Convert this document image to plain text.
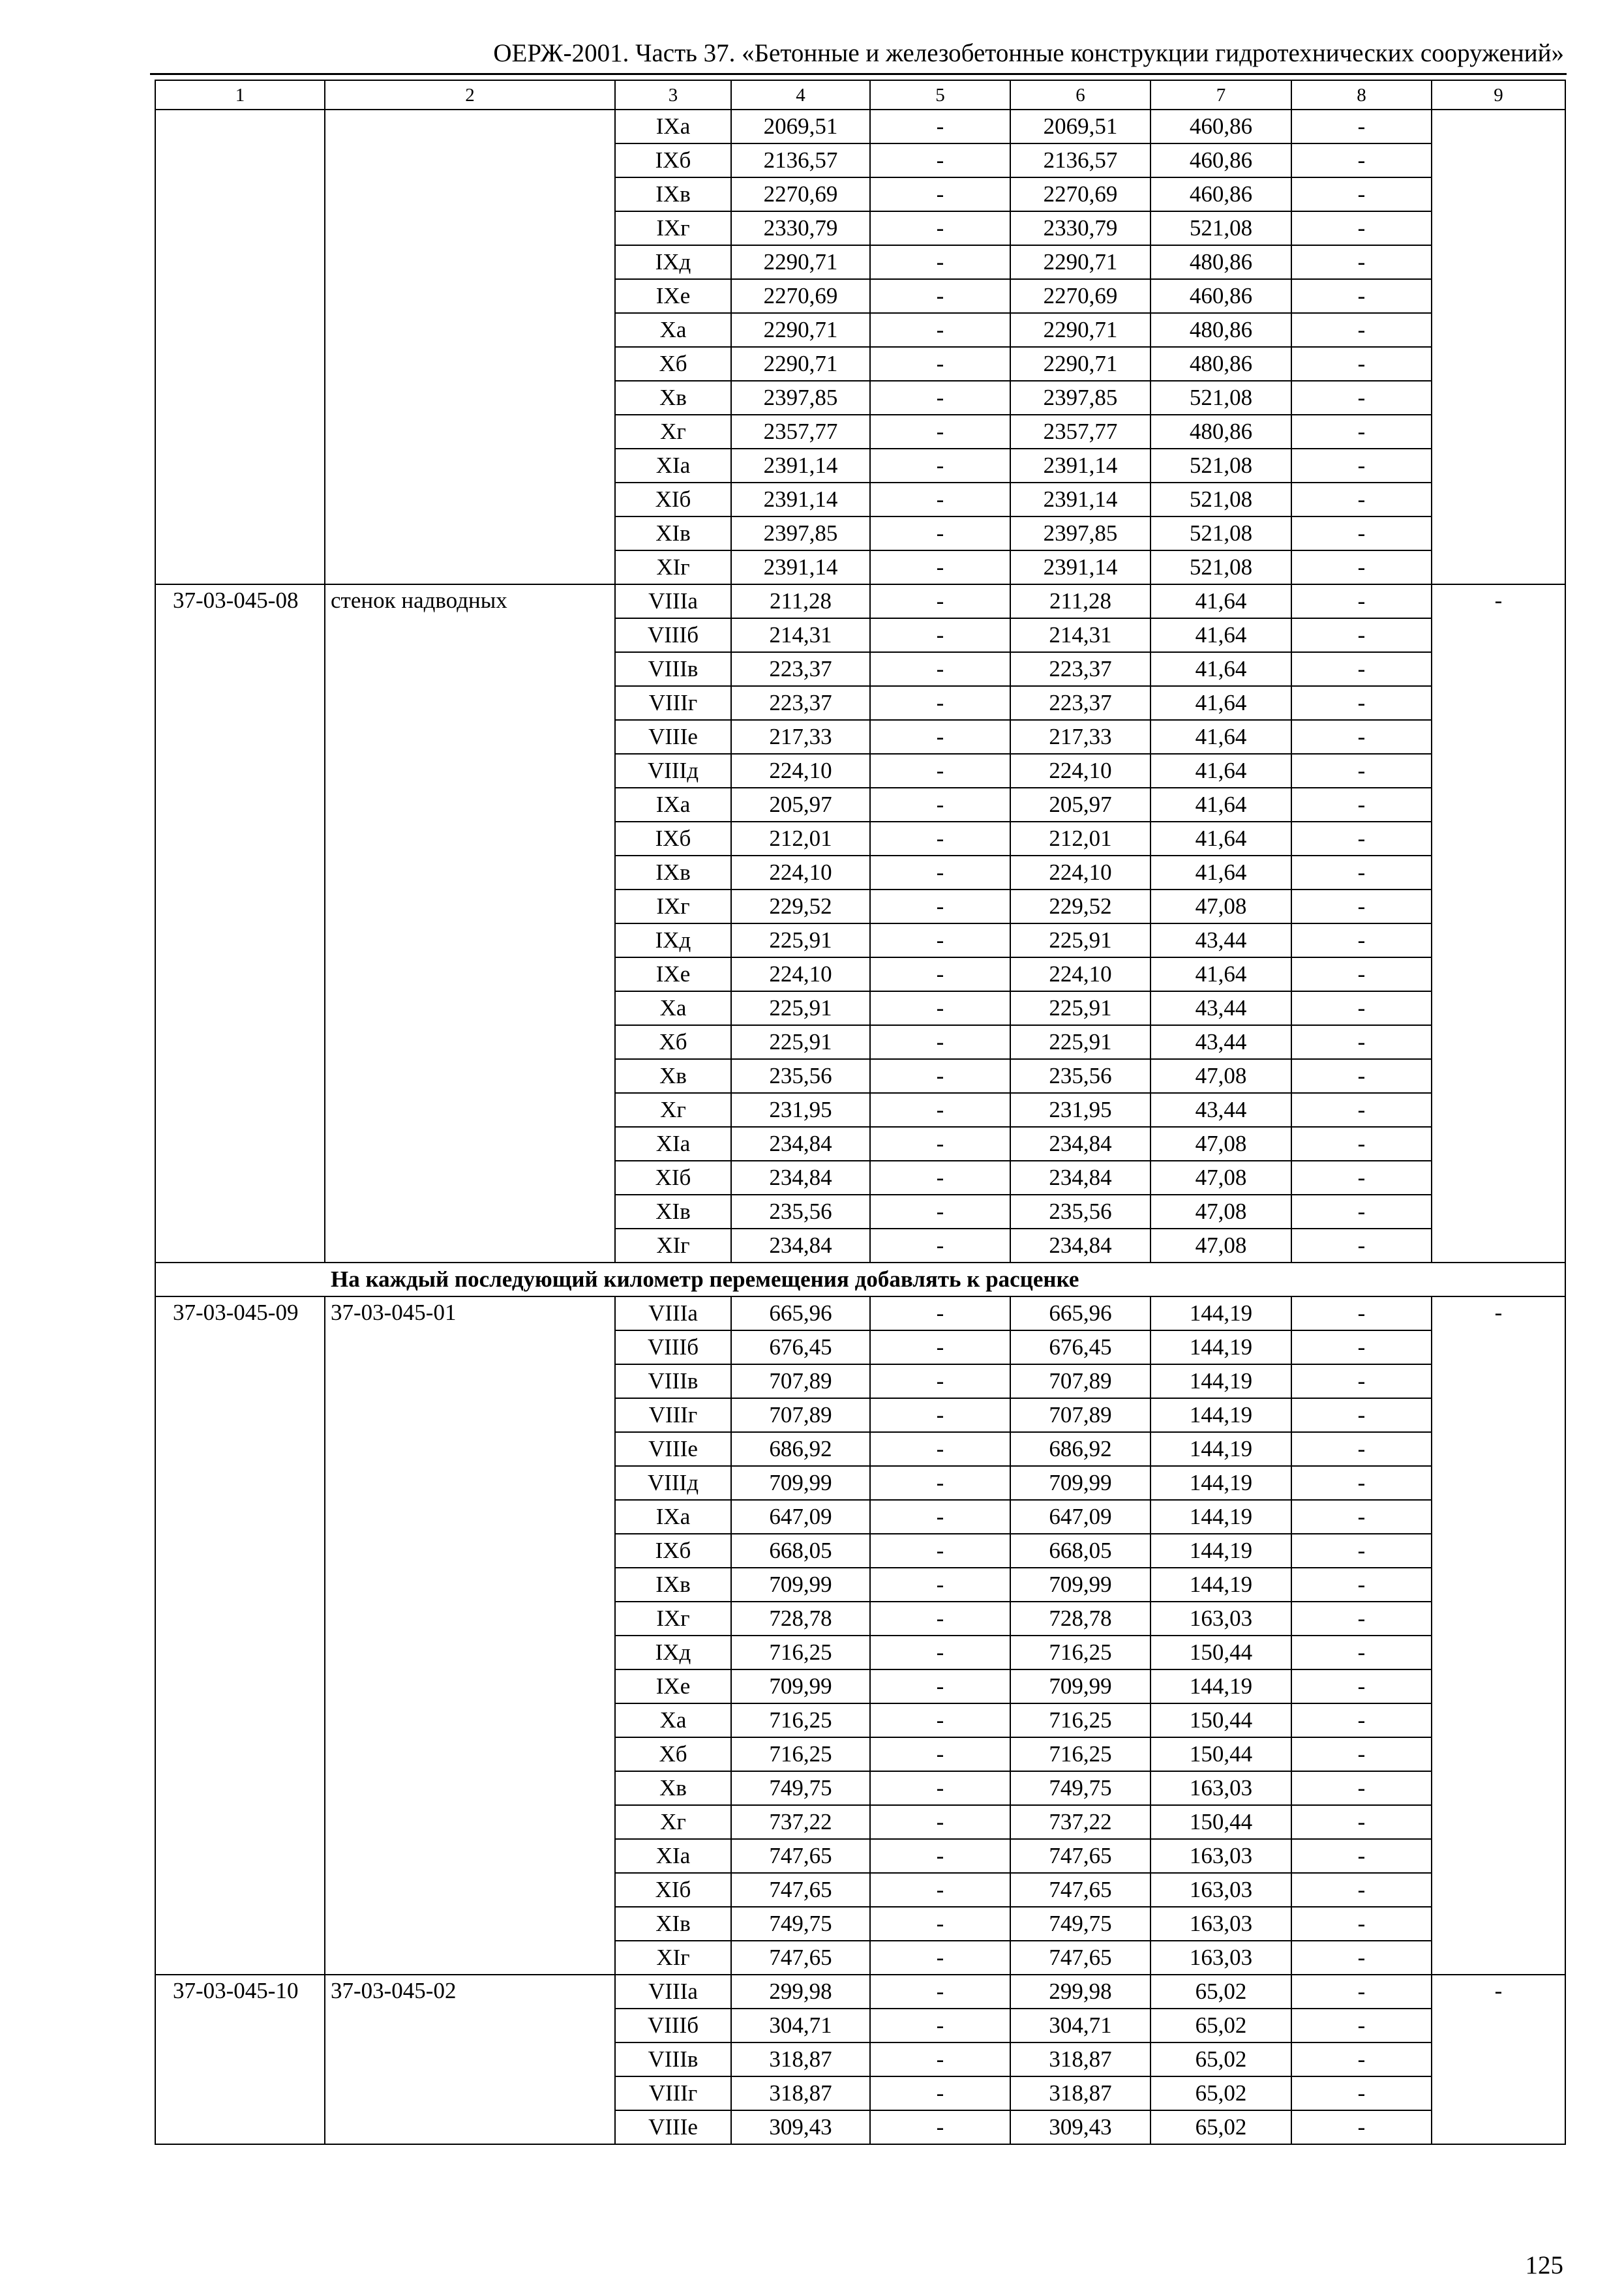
ОЕРЖ-2001. Часть 37. «Бетонные и железобетонные конструкции гидротехнических сооружений»
1	2	3	4	5	6	7	8	9
		IXа	2069,51	-	2069,51	460,86	-	
		IXб	2136,57	-	2136,57	460,86	-	
		IXв	2270,69	-	2270,69	460,86	-	
		IXг	2330,79	-	2330,79	521,08	-	
		IXд	2290,71	-	2290,71	480,86	-	
		IXе	2270,69	-	2270,69	460,86	-	
		Xа	2290,71	-	2290,71	480,86	-	
		Xб	2290,71	-	2290,71	480,86	-	
		Xв	2397,85	-	2397,85	521,08	-	
		Xг	2357,77	-	2357,77	480,86	-	
		XIа	2391,14	-	2391,14	521,08	-	
		XIб	2391,14	-	2391,14	521,08	-	
		XIв	2397,85	-	2397,85	521,08	-	
		XIг	2391,14	-	2391,14	521,08	-	
37-03-045-08	стенок надводных	VIIIа	211,28	-	211,28	41,64	-	-
		VIIIб	214,31	-	214,31	41,64	-	
		VIIIв	223,37	-	223,37	41,64	-	
		VIIIг	223,37	-	223,37	41,64	-	
		VIIIе	217,33	-	217,33	41,64	-	
		VIIIд	224,10	-	224,10	41,64	-	
		IXа	205,97	-	205,97	41,64	-	
		IXб	212,01	-	212,01	41,64	-	
		IXв	224,10	-	224,10	41,64	-	
		IXг	229,52	-	229,52	47,08	-	
		IXд	225,91	-	225,91	43,44	-	
		IXе	224,10	-	224,10	41,64	-	
		Xа	225,91	-	225,91	43,44	-	
		Xб	225,91	-	225,91	43,44	-	
		Xв	235,56	-	235,56	47,08	-	
		Xг	231,95	-	231,95	43,44	-	
		XIа	234,84	-	234,84	47,08	-	
		XIб	234,84	-	234,84	47,08	-	
		XIв	235,56	-	235,56	47,08	-	
		XIг	234,84	-	234,84	47,08	-	
На каждый последующий километр перемещения добавлять к расценке								
37-03-045-09	37-03-045-01	VIIIа	665,96	-	665,96	144,19	-	-
		VIIIб	676,45	-	676,45	144,19	-	
		VIIIв	707,89	-	707,89	144,19	-	
		VIIIг	707,89	-	707,89	144,19	-	
		VIIIе	686,92	-	686,92	144,19	-	
		VIIIд	709,99	-	709,99	144,19	-	
		IXа	647,09	-	647,09	144,19	-	
		IXб	668,05	-	668,05	144,19	-	
		IXв	709,99	-	709,99	144,19	-	
		IXг	728,78	-	728,78	163,03	-	
		IXд	716,25	-	716,25	150,44	-	
		IXе	709,99	-	709,99	144,19	-	
		Xа	716,25	-	716,25	150,44	-	
		Xб	716,25	-	716,25	150,44	-	
		Xв	749,75	-	749,75	163,03	-	
		Xг	737,22	-	737,22	150,44	-	
		XIа	747,65	-	747,65	163,03	-	
		XIб	747,65	-	747,65	163,03	-	
		XIв	749,75	-	749,75	163,03	-	
		XIг	747,65	-	747,65	163,03	-	
37-03-045-10	37-03-045-02	VIIIа	299,98	-	299,98	65,02	-	-
		VIIIб	304,71	-	304,71	65,02	-	
		VIIIв	318,87	-	318,87	65,02	-	
		VIIIг	318,87	-	318,87	65,02	-	
		VIIIе	309,43	-	309,43	65,02	-	
125
